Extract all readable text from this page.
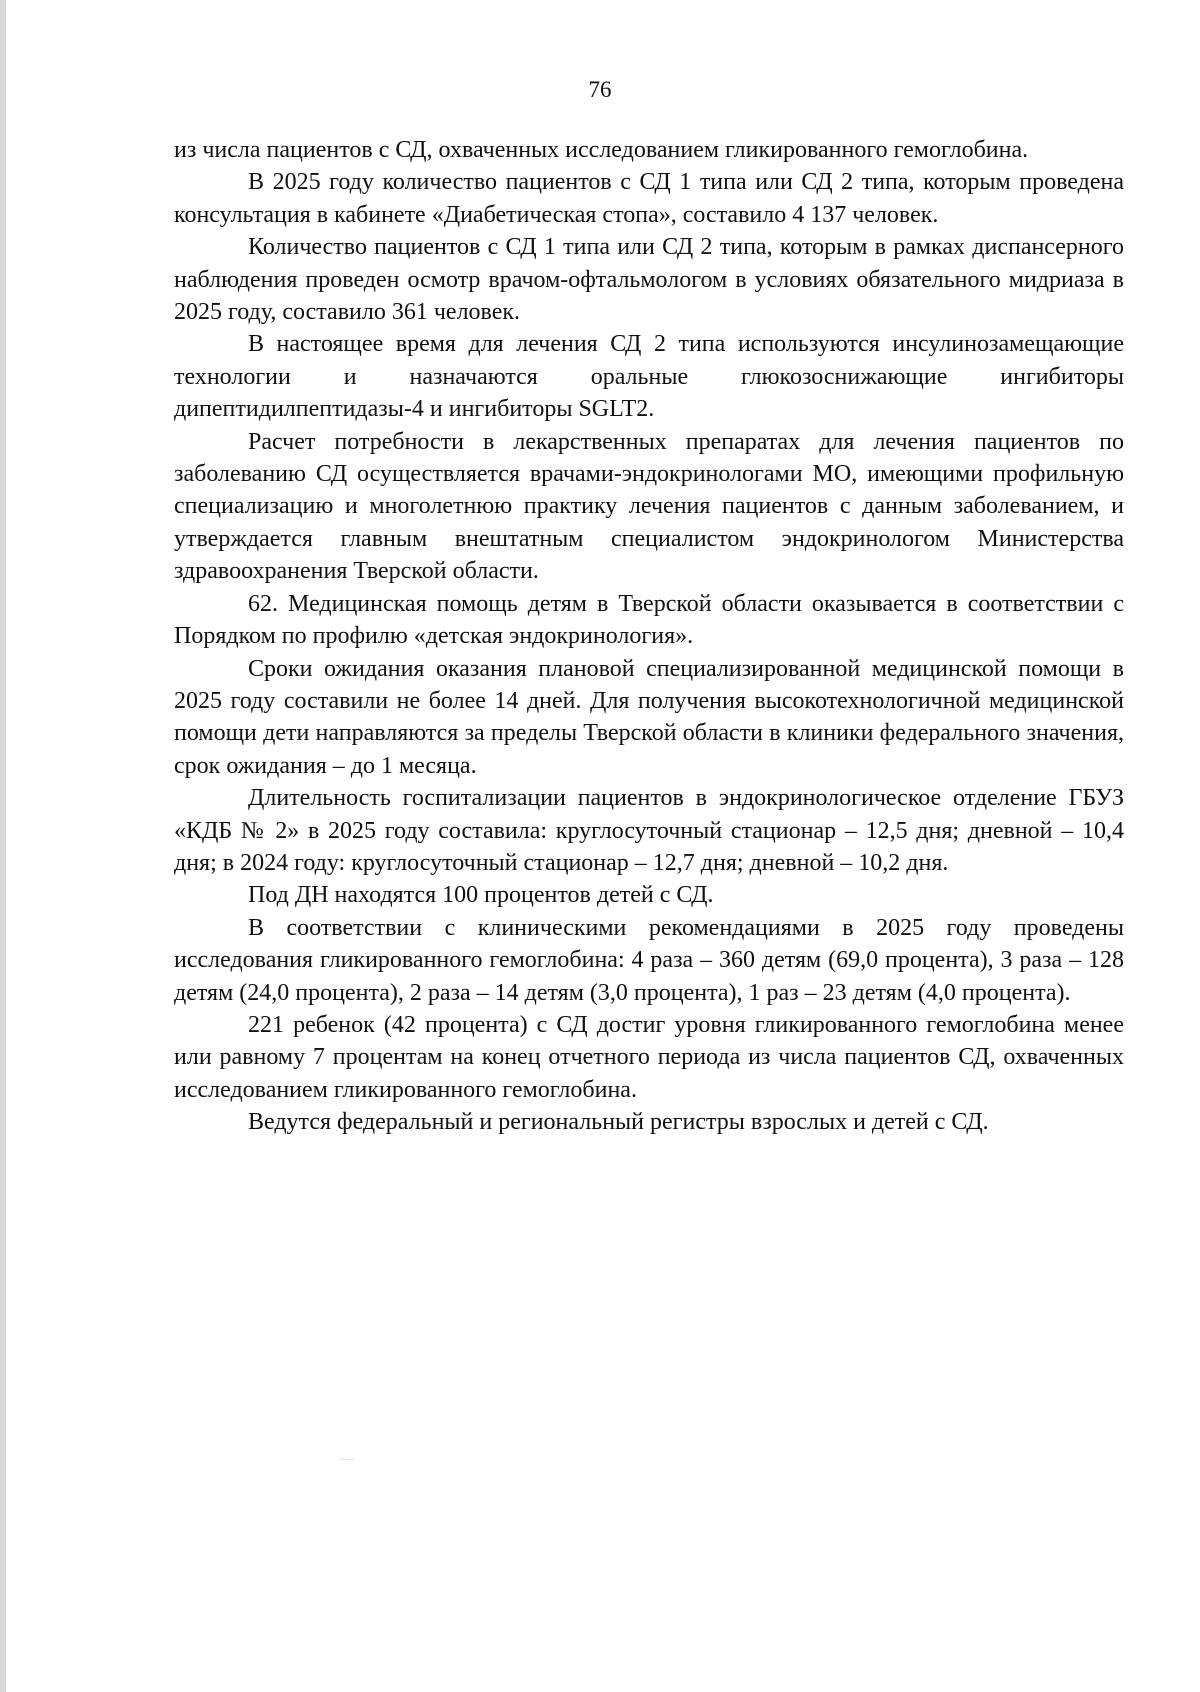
76

из числа пациентов с СД, охваченных исследованием гликированного гемоглобина.

В 2025 году количество пациентов с СД 1 типа или СД 2 типа, которым проведена консультация в кабинете «Диабетическая стопа», составило 4 137 человек.

Количество пациентов с СД 1 типа или СД 2 типа, которым в рамках диспансерного наблюдения проведен осмотр врачом-офтальмологом в условиях обязательного мидриаза в 2025 году, составило 361 человек.

В настоящее время для лечения СД 2 типа используются инсулинозамещающие технологии и назначаются оральные глюкозоснижающие ингибиторы дипептидилпептидазы-4 и ингибиторы SGLT2.

Расчет потребности в лекарственных препаратах для лечения пациентов по заболеванию СД осуществляется врачами-эндокринологами МО, имеющими профильную специализацию и многолетнюю практику лечения пациентов с данным заболеванием, и утверждается главным внештатным специалистом эндокринологом Министерства здравоохранения Тверской области.

62. Медицинская помощь детям в Тверской области оказывается в соответствии с Порядком по профилю «детская эндокринология».

Сроки ожидания оказания плановой специализированной медицинской помощи в 2025 году составили не более 14 дней. Для получения высокотехнологичной медицинской помощи дети направляются за пределы Тверской области в клиники федерального значения, срок ожидания – до 1 месяца.

Длительность госпитализации пациентов в эндокринологическое отделение ГБУЗ «КДБ № 2» в 2025 году составила: круглосуточный стационар – 12,5 дня; дневной – 10,4 дня; в 2024 году: круглосуточный стационар – 12,7 дня; дневной – 10,2 дня.

Под ДН находятся 100 процентов детей с СД.

В соответствии с клиническими рекомендациями в 2025 году проведены исследования гликированного гемоглобина: 4 раза – 360 детям (69,0 процента), 3 раза – 128 детям (24,0 процента), 2 раза – 14 детям (3,0 процента), 1 раз – 23 детям (4,0 процента).

221 ребенок (42 процента) с СД достиг уровня гликированного гемоглобина менее или равному 7 процентам на конец отчетного периода из числа пациентов СД, охваченных исследованием гликированного гемоглобина.

Ведутся федеральный и региональный регистры взрослых и детей с СД.
